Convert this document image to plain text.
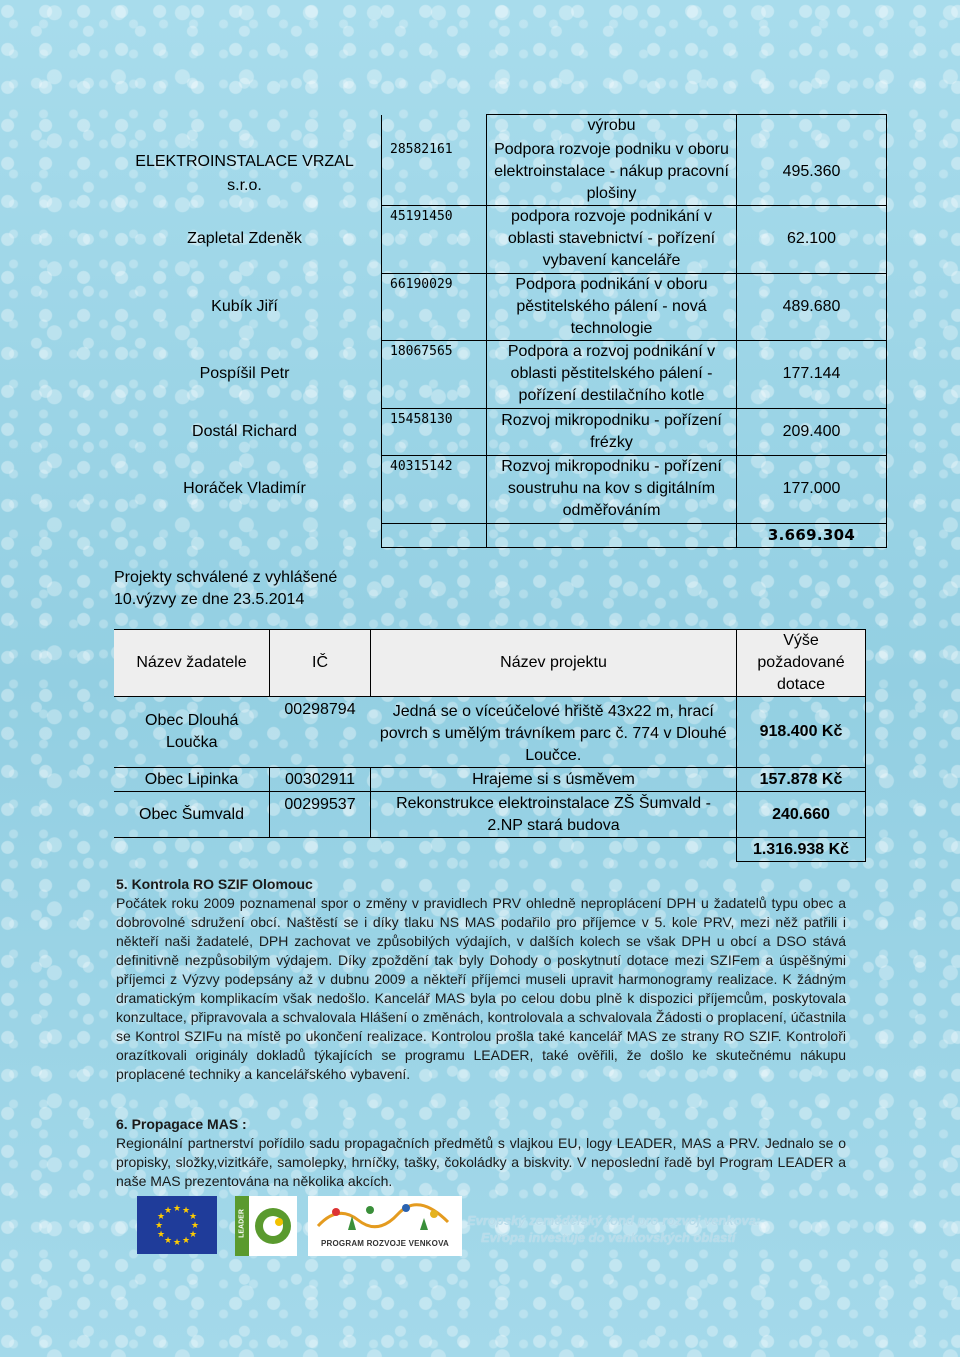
		výrobu	

ELEKTROINSTALACE VRZAL s.r.o.	28582161	Podpora rozvoje podniku v oboru elektroinstalace - nákup pracovní plošiny	495.360
Zapletal Zdeněk	45191450	podpora rozvoje podnikání v oblasti stavebnictví - pořízení vybavení kanceláře	62.100
Kubík Jiří	66190029	Podpora podnikání v oboru pěstitelského pálení - nová technologie	489.680
Pospíšil Petr	18067565	Podpora a rozvoj podnikání v oblasti pěstitelského pálení - pořízení destilačního kotle	177.144
Dostál Richard	15458130	Rozvoj mikropodniku - pořízení frézky	209.400
Horáček Vladimír	40315142	Rozvoj mikropodniku - pořízení soustruhu na kov s digitálním odměřováním	177.000
			3.669.304
Projekty schválené z vyhlášené 10.výzvy ze dne 23.5.2014
Název žadatele	IČ	Název projektu	Výše požadované dotace

Obec Dlouhá Loučka	00298794	Jedná se o víceúčelové hřiště 43x22 m, hrací povrch s umělým trávníkem parc č. 774 v Dlouhé Loučce.	918.400 Kč
Obec Lipinka	00302911	Hrajeme si s úsměvem	157.878 Kč
Obec Šumvald	00299537	Rekonstrukce elektroinstalace ZŠ Šumvald - 2.NP stará budova	240.660
			1.316.938 Kč
5. Kontrola RO SZIF Olomouc
Počátek roku 2009 poznamenal spor o změny v pravidlech PRV ohledně neproplácení DPH u žadatelů typu obec a dobrovolné sdružení obcí. Naštěstí se i díky tlaku NS MAS podařilo pro příjemce v 5. kole PRV, mezi něž patřili i někteří naši žadatelé, DPH zachovat ve způsobilých výdajích, v dalších kolech se však DPH u obcí a DSO stává definitivně nezpůsobilým výdajem. Díky zpoždění tak byly Dohody o poskytnutí dotace mezi SZIFem a úspěšnými příjemci z Výzvy podepsány až v dubnu 2009 a někteří příjemci museli upravit harmonogramy realizace. K žádným dramatickým komplikacím však nedošlo. Kancelář MAS byla po celou dobu plně k dispozici příjemcům, poskytovala konzultace, připravovala a schvalovala Hlášení o změnách, kontrolovala a schvalovala Žádosti o proplacení, účastnila se Kontrol SZIFu na místě po ukončení realizace. Kontrolou prošla také kancelář MAS ze strany RO SZIF. Kontroloři orazítkovali originály dokladů týkajících se programu LEADER, také ověřili, že došlo ke skutečnému nákupu proplacené techniky a kancelářského vybavení.
6. Propagace MAS :
Regionální partnerství pořídilo sadu propagačních předmětů s vlajkou EU, logy LEADER, MAS a PRV. Jednalo se o propisky, složky,vizitkáře, samolepky, hrníčky, tašky, čokoládky a biskvity. V neposlední řadě byl Program LEADER a naše MAS prezentována na několika akcích.
★ ★
★
★
★
★
★
★
★
★
★
★	LEADER
PROGRAM ROZVOJE VENKOVA
Evropský zemědělský fond pro rozvoj venkova:
Evropa investuje do venkovských oblastí
